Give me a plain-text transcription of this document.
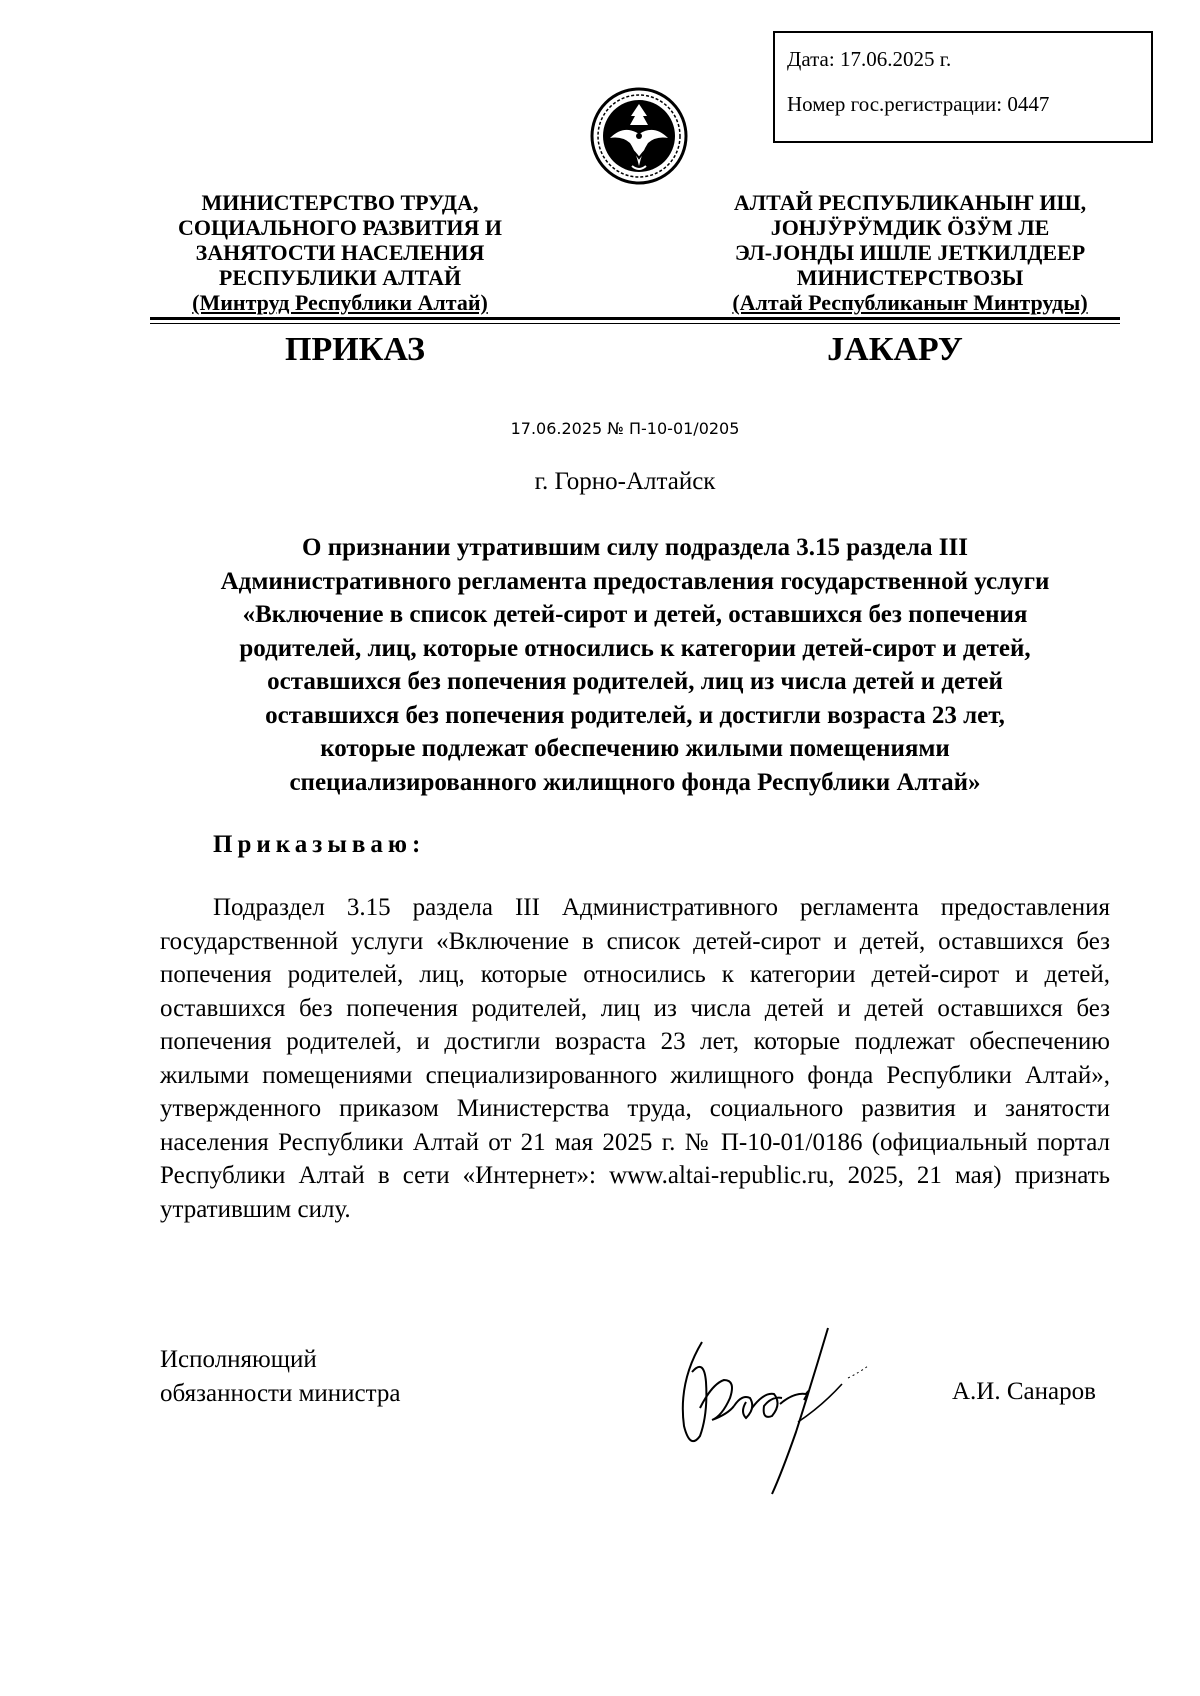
Дата: 17.06.2025 г.
Номер гос.регистрации: 0447
МИНИСТЕРСТВО ТРУДА,
СОЦИАЛЬНОГО РАЗВИТИЯ И
ЗАНЯТОСТИ НАСЕЛЕНИЯ
РЕСПУБЛИКИ АЛТАЙ
(Минтруд Республики Алтай)
АЛТАЙ РЕСПУБЛИКАНЫҤ ИШ,
ЈОНЈӰРӰМДИК ӦЗӰМ ЛЕ
ЭЛ-ЈОНДЫ ИШЛЕ ЈЕТКИЛДЕЕР
МИНИСТЕРСТВОЗЫ
(Алтай Республиканыҥ Минтруды)
ПРИКАЗ	ЈАКАРУ
17.06.2025 № П-10-01/0205
г. Горно-Алтайск
О признании утратившим силу подраздела 3.15 раздела III
Административного регламента предоставления государственной услуги
«Включение в список детей-сирот и детей, оставшихся без попечения
родителей, лиц, которые относились к категории детей-сирот и детей,
оставшихся без попечения родителей, лиц из числа детей и детей
оставшихся без попечения родителей, и достигли возраста 23 лет,
которые подлежат обеспечению жилыми помещениями
специализированного жилищного фонда Республики Алтай»
Приказываю:

Подраздел 3.15 раздела III Административного регламента предоставления государственной услуги «Включение в список детей-сирот и детей, оставшихся без попечения родителей, лиц, которые относились к категории детей-сирот и детей, оставшихся без попечения родителей, лиц из числа детей и детей оставшихся без попечения родителей, и достигли возраста 23 лет, которые подлежат обеспечению жилыми помещениями специализированного жилищного фонда Республики Алтай», утвержденного приказом Министерства труда, социального развития и занятости населения Республики Алтай от 21 мая 2025 г. № П-10-01/0186 (официальный портал Республики Алтай в сети «Интернет»: www.altai-republic.ru, 2025, 21 мая) признать утратившим силу.

Исполняющий
обязанности министра	А.И. Санаров
